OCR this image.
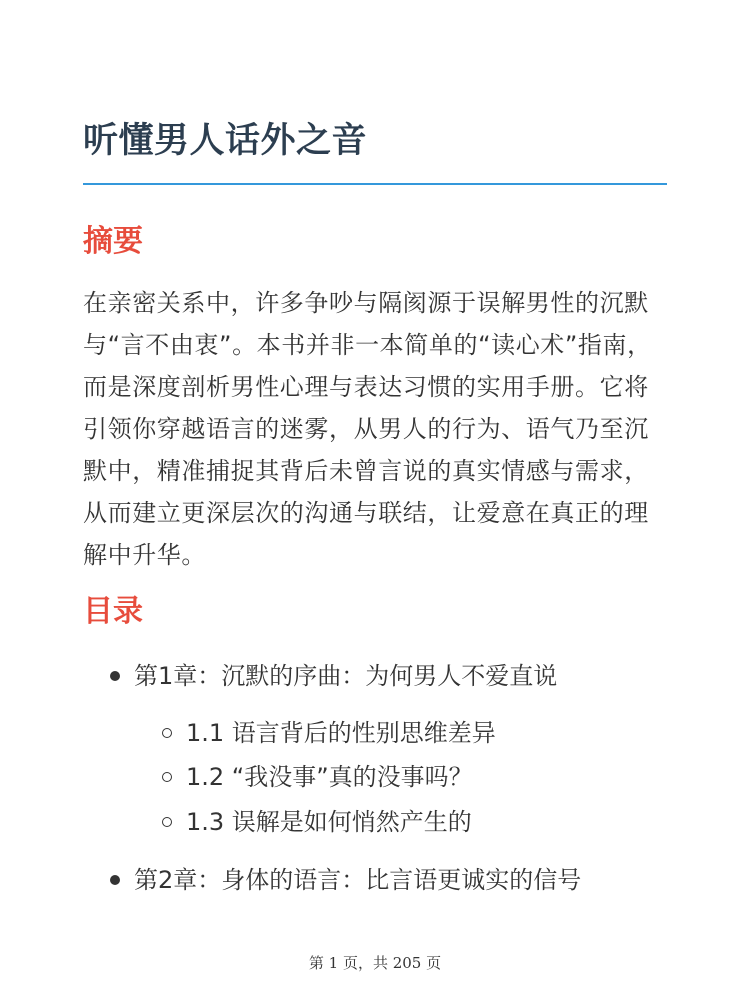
听懂男人话外之音
摘要

在亲密关系中，许多争吵与隔阂源于误解男性的沉默与“言不由衷”。本书并非一本简单的“读心术”指南，而是深度剖析男性心理与表达习惯的实用手册。它将引领你穿越语言的迷雾，从男人的行为、语气乃至沉默中，精准捕捉其背后未曾言说的真实情感与需求，从而建立更深层次的沟通与联结，让爱意在真正的理解中升华。

目录
第1章：沉默的序曲：为何男人不爱直说
1.1 语言背后的性别思维差异
1.2 “我没事”真的没事吗？
1.3 误解是如何悄然产生的
第2章：身体的语言：比言语更诚实的信号
第 1 页，共 205 页
